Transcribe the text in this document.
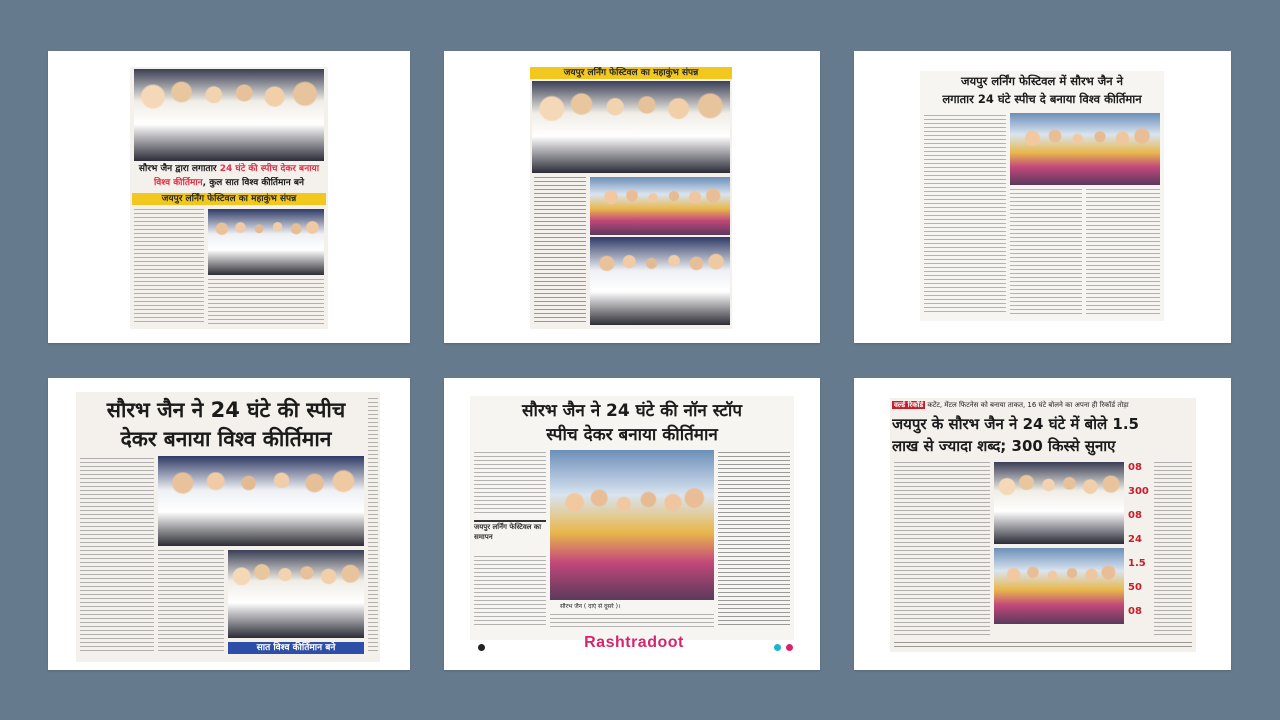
सौरभ जैन द्वारा लगातार 24 घंटे की स्पीच देकर बनाया
विश्व कीर्तिमान, कुल सात विश्व कीर्तिमान बने
जयपुर लर्निंग फेस्टिवल का महाकुंभ संपन्न
जयपुर लर्निंग फेस्टिवल का महाकुंभ संपन्न
जयपुर लर्निंग फेस्टिवल में सौरभ जैन ने
लगातार 24 घंटे स्पीच दे बनाया विश्व कीर्तिमान
सौरभ जैन ने 24 घंटे की स्पीच
देकर बनाया विश्व कीर्तिमान
सात विश्व कीर्तिमान बने
सौरभ जैन ने 24 घंटे की नॉन स्टॉप
स्पीच देकर बनाया कीर्तिमान
जयपुर लर्निंग फेस्टिवल का समापन
सौरभ जैन ( दाएं से दूसरे )।
Rashtradoot
वर्ल्ड रिकॉर्ड कटेंट, मेंटल फिटनेस को बनाया ताकत, 16 घंटे बोलने का अपना ही रिकॉर्ड तोड़ा
जयपुर के सौरभ जैन ने 24 घंटे में बोले 1.5
लाख से ज्यादा शब्द; 300 किस्से सुनाए
08
300
08
24
1.5
50
08
